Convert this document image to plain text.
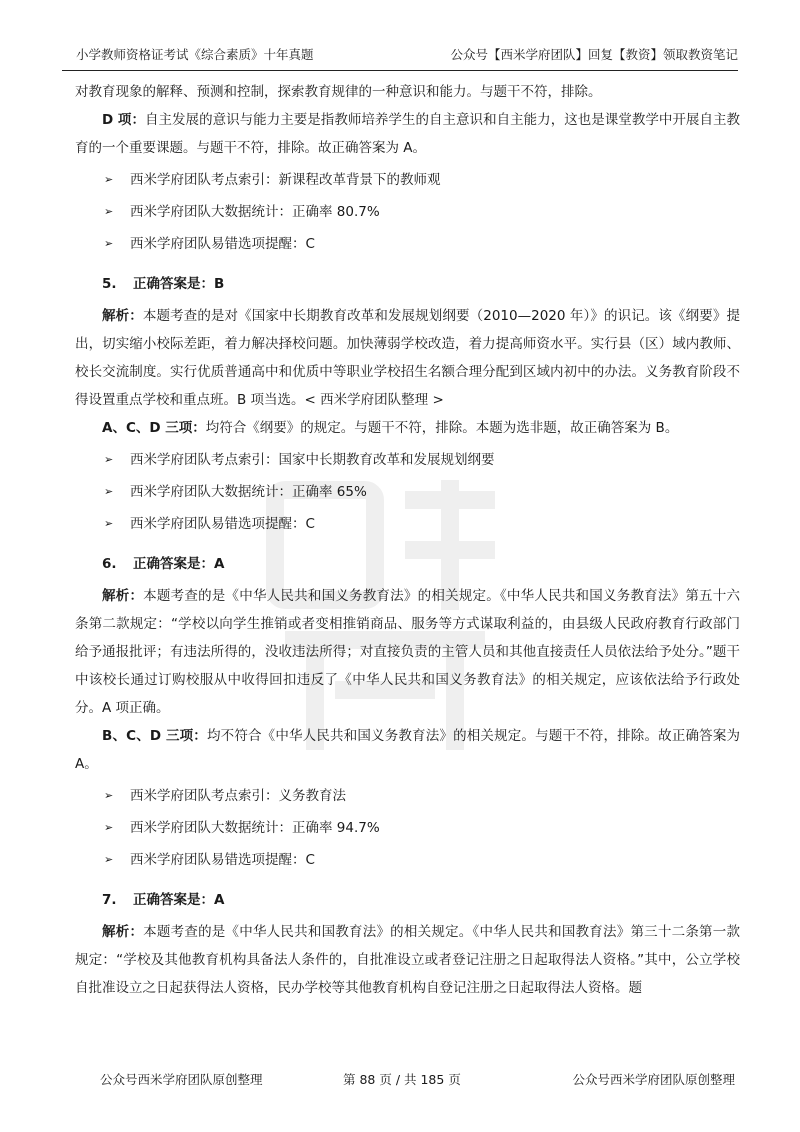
小学教师资格证考试《综合素质》十年真题	公众号【西米学府团队】回复【教资】领取教资笔记

对教育现象的解释、预测和控制，探索教育规律的一种意识和能力。与题干不符，排除。

D 项：自主发展的意识与能力主要是指教师培养学生的自主意识和自主能力，这也是课堂教学中开展自主教育的一个重要课题。与题干不符，排除。故正确答案为 A。

➢ 西米学府团队考点索引：新课程改革背景下的教师观
➢ 西米学府团队大数据统计：正确率 80.7%
➢ 西米学府团队易错选项提醒：C
5. 正确答案是：B

解析：本题考查的是对《国家中长期教育改革和发展规划纲要（2010—2020 年）》的识记。该《纲要》提出，切实缩小校际差距，着力解决择校问题。加快薄弱学校改造，着力提高师资水平。实行县（区）域内教师、校长交流制度。实行优质普通高中和优质中等职业学校招生名额合理分配到区域内初中的办法。义务教育阶段不得设置重点学校和重点班。B 项当选。< 西米学府团队整理 >

A、C、D 三项：均符合《纲要》的规定。与题干不符，排除。本题为选非题，故正确答案为 B。

➢ 西米学府团队考点索引：国家中长期教育改革和发展规划纲要
➢ 西米学府团队大数据统计：正确率 65%
➢ 西米学府团队易错选项提醒：C
6. 正确答案是：A

解析：本题考查的是《中华人民共和国义务教育法》的相关规定。《中华人民共和国义务教育法》第五十六条第二款规定：“学校以向学生推销或者变相推销商品、服务等方式谋取利益的，由县级人民政府教育行政部门给予通报批评；有违法所得的，没收违法所得；对直接负责的主管人员和其他直接责任人员依法给予处分。”题干中该校长通过订购校服从中收得回扣违反了《中华人民共和国义务教育法》的相关规定，应该依法给予行政处分。A 项正确。

B、C、D 三项：均不符合《中华人民共和国义务教育法》的相关规定。与题干不符，排除。故正确答案为 A。

➢ 西米学府团队考点索引：义务教育法
➢ 西米学府团队大数据统计：正确率 94.7%
➢ 西米学府团队易错选项提醒：C
7. 正确答案是：A

解析：本题考查的是《中华人民共和国教育法》的相关规定。《中华人民共和国教育法》第三十二条第一款规定：“学校及其他教育机构具备法人条件的，自批准设立或者登记注册之日起取得法人资格。”其中，公立学校自批准设立之日起获得法人资格，民办学校等其他教育机构自登记注册之日起取得法人资格。题

公众号西米学府团队原创整理	第 88 页 / 共 185 页	公众号西米学府团队原创整理
